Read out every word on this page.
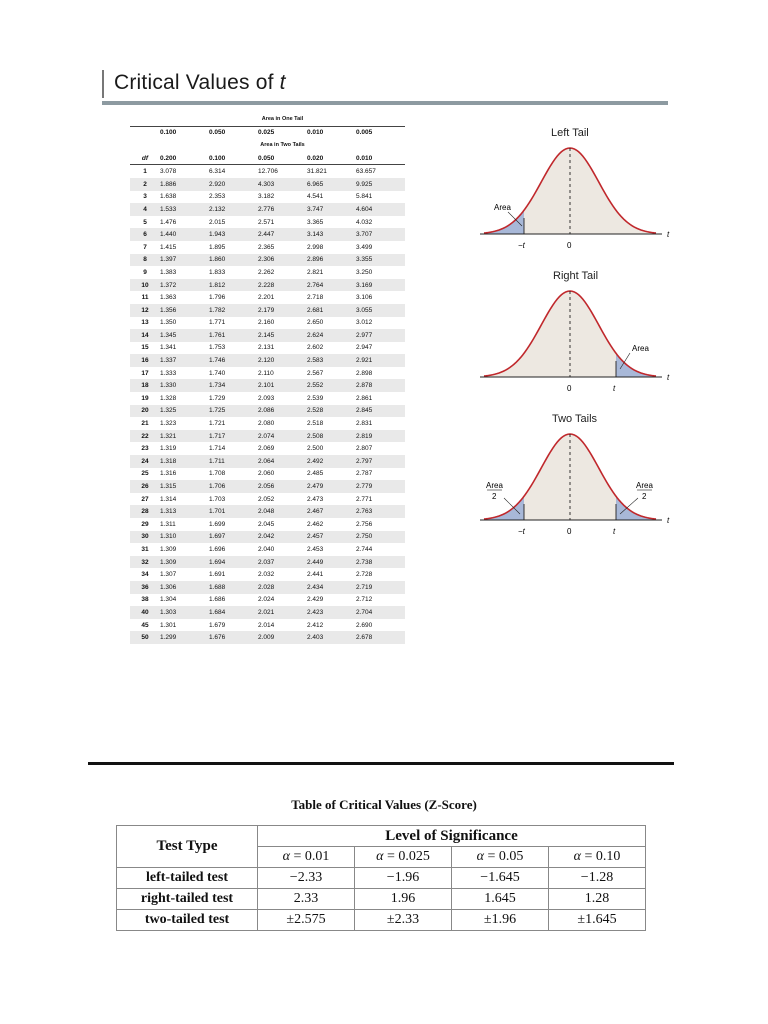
Critical Values of t
	Area in One Tail				
	0.100	0.050	0.025	0.010	0.005
	Area in Two Tails				
df	0.200	0.100	0.050	0.020	0.010
1	3.078	6.314	12.706	31.821	63.657
2	1.886	2.920	4.303	6.965	9.925
3	1.638	2.353	3.182	4.541	5.841
4	1.533	2.132	2.776	3.747	4.604
5	1.476	2.015	2.571	3.365	4.032
6	1.440	1.943	2.447	3.143	3.707
7	1.415	1.895	2.365	2.998	3.499
8	1.397	1.860	2.306	2.896	3.355
9	1.383	1.833	2.262	2.821	3.250
10	1.372	1.812	2.228	2.764	3.169
11	1.363	1.796	2.201	2.718	3.106
12	1.356	1.782	2.179	2.681	3.055
13	1.350	1.771	2.160	2.650	3.012
14	1.345	1.761	2.145	2.624	2.977
15	1.341	1.753	2.131	2.602	2.947
16	1.337	1.746	2.120	2.583	2.921
17	1.333	1.740	2.110	2.567	2.898
18	1.330	1.734	2.101	2.552	2.878
19	1.328	1.729	2.093	2.539	2.861
20	1.325	1.725	2.086	2.528	2.845
21	1.323	1.721	2.080	2.518	2.831
22	1.321	1.717	2.074	2.508	2.819
23	1.319	1.714	2.069	2.500	2.807
24	1.318	1.711	2.064	2.492	2.797
25	1.316	1.708	2.060	2.485	2.787
26	1.315	1.706	2.056	2.479	2.779
27	1.314	1.703	2.052	2.473	2.771
28	1.313	1.701	2.048	2.467	2.763
29	1.311	1.699	2.045	2.462	2.756
30	1.310	1.697	2.042	2.457	2.750
31	1.309	1.696	2.040	2.453	2.744
32	1.309	1.694	2.037	2.449	2.738
34	1.307	1.691	2.032	2.441	2.728
36	1.306	1.688	2.028	2.434	2.719
38	1.304	1.686	2.024	2.429	2.712
40	1.303	1.684	2.021	2.423	2.704
45	1.301	1.679	2.014	2.412	2.690
50	1.299	1.676	2.009	2.403	2.678
Left Tail
Area
−t	0
t
Right Tail
Area
0	t
t
Two Tails
Area
2
Area
2
−t	0	t
t
Table of Critical Values (Z-Score)
Test Type	Level of Significance			
	α = 0.01	α = 0.025	α = 0.05	α = 0.10
left-tailed test	−2.33	−1.96	−1.645	−1.28
right-tailed test	2.33	1.96	1.645	1.28
two-tailed test	±2.575	±2.33	±1.96	±1.645
